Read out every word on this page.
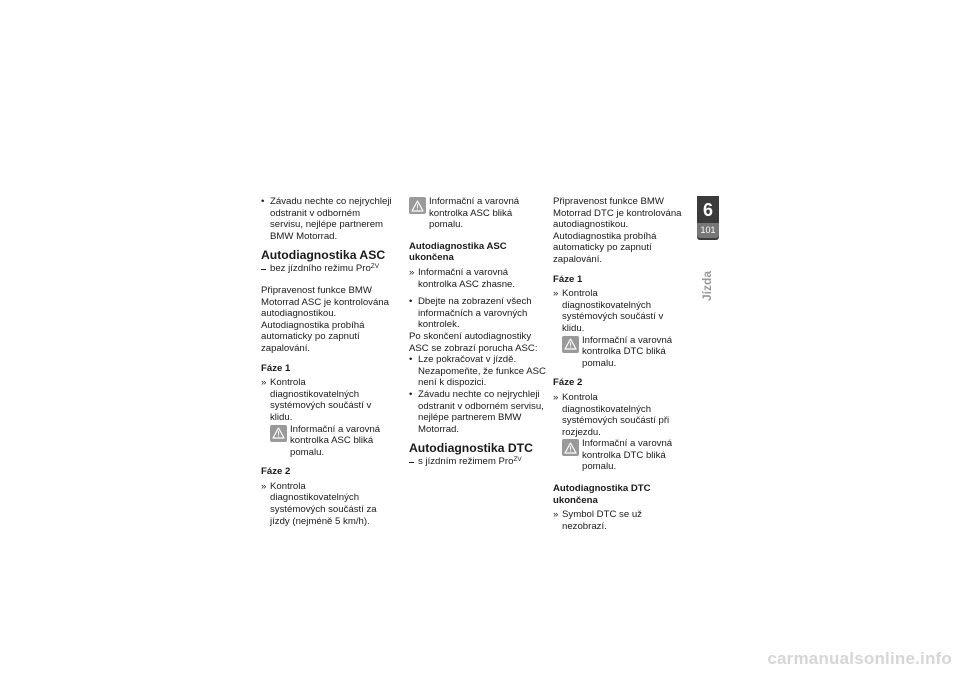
• Závadu nechte co nejrychleji odstranit v odborném servisu, nejlépe partnerem BMW Motorrad.
Autodiagnostika ASC
bez jízdního režimu Pro$^{ZV}$

Připravenost funkce BMW Motorrad ASC je kontrolována autodiagnostikou. Autodiagnostika probíhá automaticky po zapnutí zapalování.

Fáze 1
» Kontrola diagnostikovatelných systémových součástí v klidu.
Informační a varovná kontrolka ASC bliká pomalu.
Fáze 2
» Kontrola diagnostikovatelných systémových součástí za jízdy (nejméně 5 km/h).
Informační a varovná kontrolka ASC bliká pomalu.
Autodiagnostika ASC ukončena
» Informační a varovná kontrolka ASC zhasne.
• Dbejte na zobrazení všech informačních a varovných kontrolek.

Po skončení autodiagnostiky ASC se zobrazí porucha ASC:

• Lze pokračovat v jízdě. Nezapomeňte, že funkce ASC není k dispozici.
• Závadu nechte co nejrychleji odstranit v odborném servisu, nejlépe partnerem BMW Motorrad.
Autodiagnostika DTC
s jízdním režimem Pro$^{ZV}$

Připravenost funkce BMW Motorrad DTC je kontrolována autodiagnostikou. Autodiagnostika probíhá automaticky po zapnutí zapalování.

Fáze 1
» Kontrola diagnostikovatelných systémových součástí v klidu.
Informační a varovná kontrolka DTC bliká pomalu.
Fáze 2
» Kontrola diagnostikovatelných systémových součástí při rozjezdu.
Informační a varovná kontrolka DTC bliká pomalu.
Autodiagnostika DTC ukončena
» Symbol DTC se už nezobrazí.
6
101
Jízda
carmanualsonline.info
